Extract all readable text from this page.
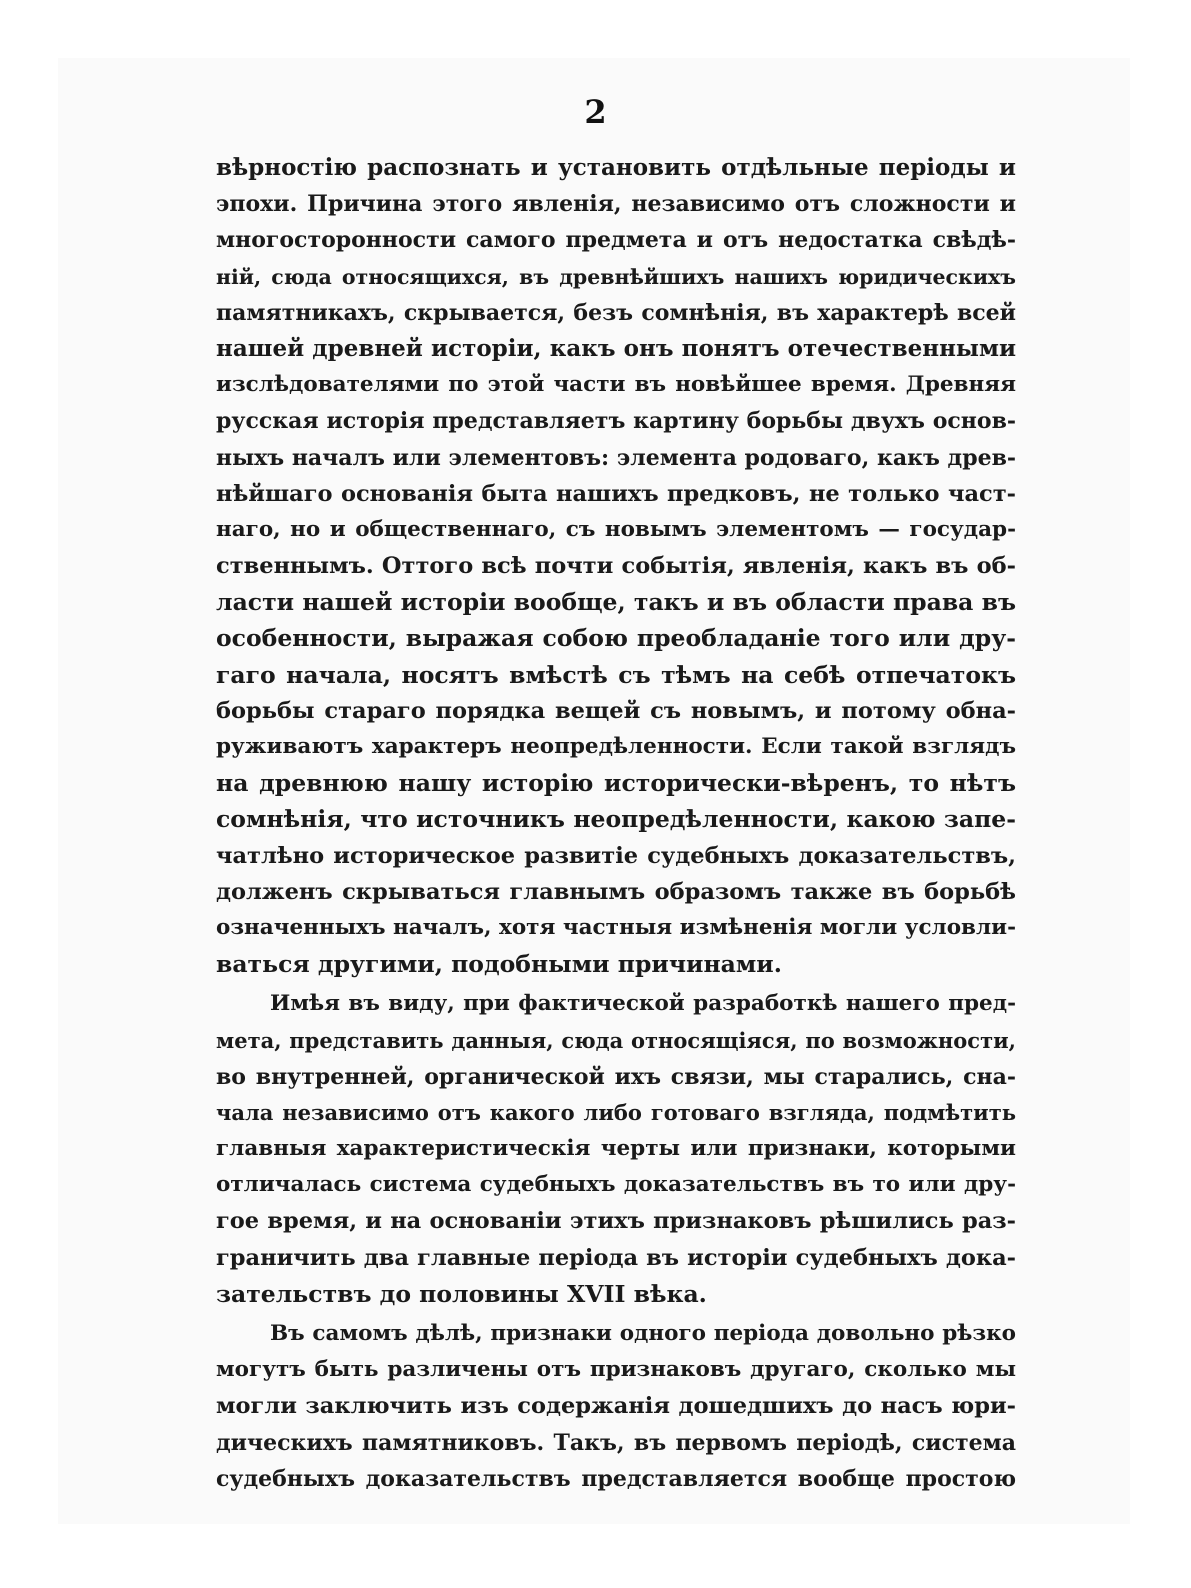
2
вѣрностію распознать и установить отдѣльные періоды и
эпохи. Причина этого явленія, независимо отъ сложности и
многосторонности самого предмета и отъ недостатка свѣдѣ-
ній, сюда относящихся, въ древнѣйшихъ нашихъ юридическихъ
памятникахъ, скрывается, безъ сомнѣнія, въ характерѣ всей
нашей древней исторіи, какъ онъ понятъ отечественными
изслѣдователями по этой части въ новѣйшее время. Древняя
русская исторія представляетъ картину борьбы двухъ основ-
ныхъ началъ или элементовъ: элемента родоваго, какъ древ-
нѣйшаго основанія быта нашихъ предковъ, не только част-
наго, но и общественнаго, съ новымъ элементомъ — государ-
ственнымъ. Оттого всѣ почти событія, явленія, какъ въ об-
ласти нашей исторіи вообще, такъ и въ области права въ
особенности, выражая собою преобладаніе того или дру-
гаго начала, носятъ вмѣстѣ съ тѣмъ на себѣ отпечатокъ
борьбы стараго порядка вещей съ новымъ, и потому обна-
руживаютъ характеръ неопредѣленности. Если такой взглядъ
на древнюю нашу исторію исторически-вѣренъ, то нѣтъ
сомнѣнія, что источникъ неопредѣленности, какою запе-
чатлѣно историческое развитіе судебныхъ доказательствъ,
долженъ скрываться главнымъ образомъ также въ борьбѣ
означенныхъ началъ, хотя частныя измѣненія могли условли-
ваться другими, подобными причинами.
Имѣя въ виду, при фактической разработкѣ нашего пред-
мета, представить данныя, сюда относящіяся, по возможности,
во внутренней, органической ихъ связи, мы старались, сна-
чала независимо отъ какого либо готоваго взгляда, подмѣтить
главныя характеристическія черты или признаки, которыми
отличалась система судебныхъ доказательствъ въ то или дру-
гое время, и на основаніи этихъ признаковъ рѣшились раз-
граничить два главные періода въ исторіи судебныхъ дока-
зательствъ до половины XVII вѣка.
Въ самомъ дѣлѣ, признаки одного періода довольно рѣзко
могутъ быть различены отъ признаковъ другаго, сколько мы
могли заключить изъ содержанія дошедшихъ до насъ юри-
дическихъ памятниковъ. Такъ, въ первомъ періодѣ, система
судебныхъ доказательствъ представляется вообще простою
